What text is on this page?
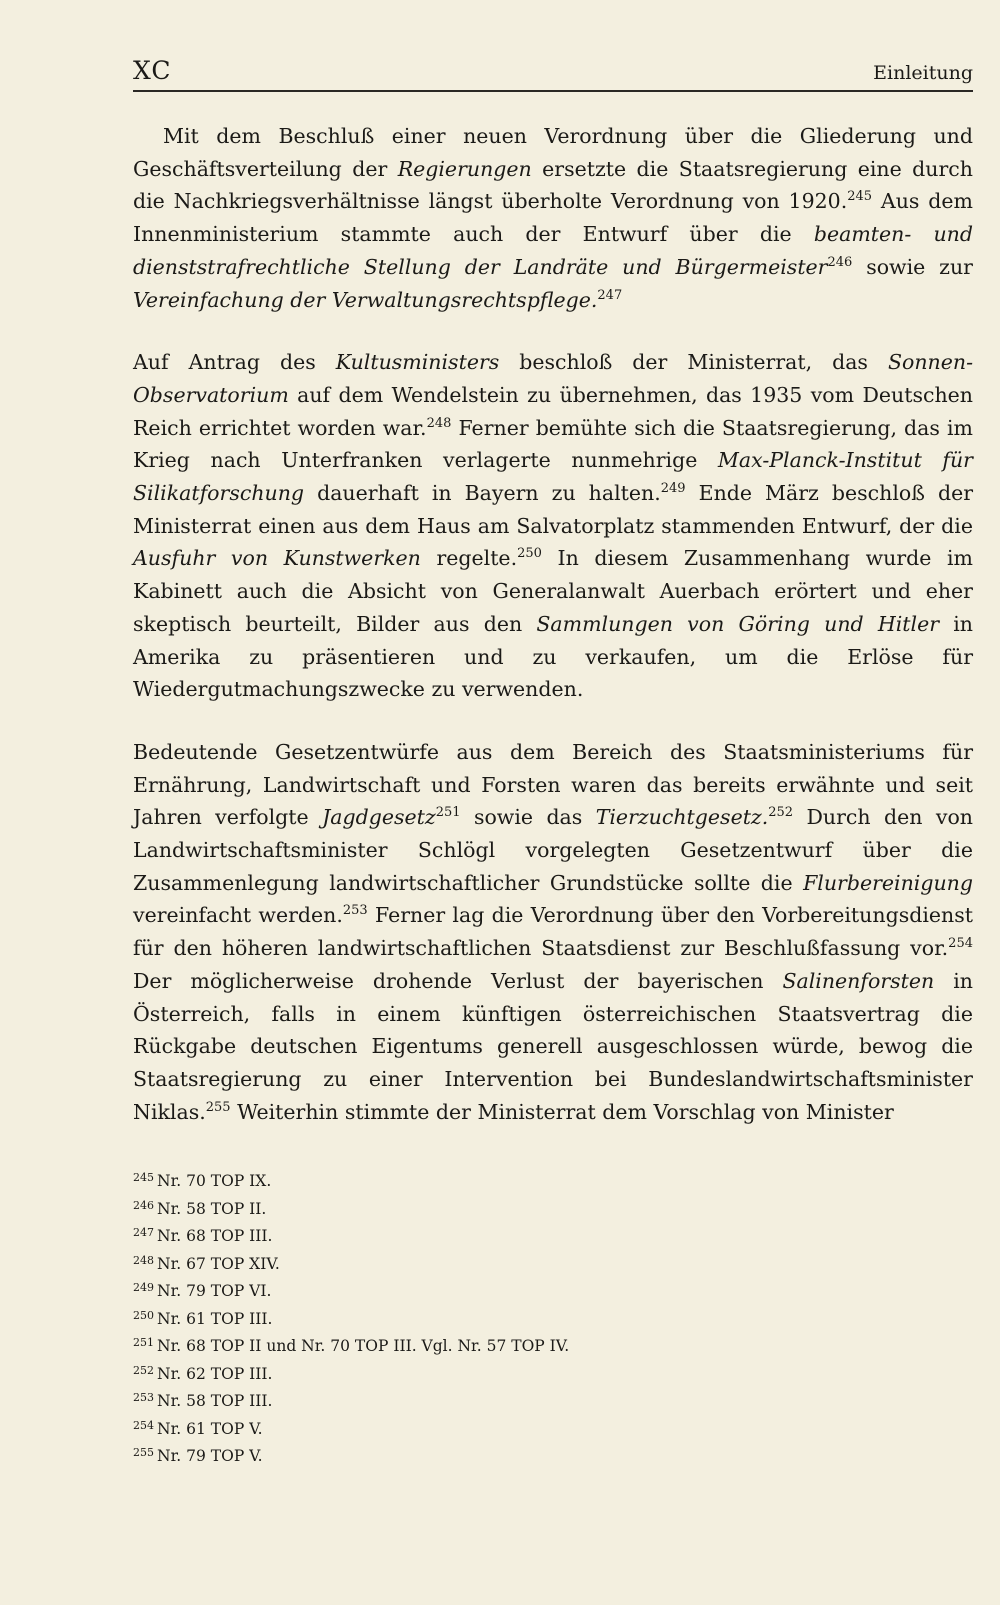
XC	Einleitung
Mit dem Beschluß einer neuen Verordnung über die Gliederung und Geschäftsverteilung der Regierungen ersetzte die Staatsregierung eine durch die Nachkriegsverhältnisse längst überholte Verordnung von 1920.$^{245}$ Aus dem Innenministerium stammte auch der Entwurf über die beamten- und dienststrafrechtliche Stellung der Landräte und Bürgermeister$^{246}$ sowie zur Vereinfachung der Verwaltungsrechtspflege.$^{247}$
Auf Antrag des Kultusministers beschloß der Ministerrat, das Sonnen-Observatorium auf dem Wendelstein zu übernehmen, das 1935 vom Deutschen Reich errichtet worden war.$^{248}$ Ferner bemühte sich die Staatsregierung, das im Krieg nach Unterfranken verlagerte nunmehrige Max-Planck-Institut für Silikatforschung dauerhaft in Bayern zu halten.$^{249}$ Ende März beschloß der Ministerrat einen aus dem Haus am Salvatorplatz stammenden Entwurf, der die Ausfuhr von Kunstwerken regelte.$^{250}$ In diesem Zusammenhang wurde im Kabinett auch die Absicht von Generalanwalt Auerbach erörtert und eher skeptisch beurteilt, Bilder aus den Sammlungen von Göring und Hitler in Amerika zu präsentieren und zu verkaufen, um die Erlöse für Wiedergutmachungszwecke zu verwenden.
Bedeutende Gesetzentwürfe aus dem Bereich des Staatsministeriums für Ernährung, Landwirtschaft und Forsten waren das bereits erwähnte und seit Jahren verfolgte Jagdgesetz$^{251}$ sowie das Tierzuchtgesetz.$^{252}$ Durch den von Landwirtschaftsminister Schlögl vorgelegten Gesetzentwurf über die Zusammenlegung landwirtschaftlicher Grundstücke sollte die Flurbereinigung vereinfacht werden.$^{253}$ Ferner lag die Verordnung über den Vorbereitungsdienst für den höheren landwirtschaftlichen Staatsdienst zur Beschlußfassung vor.$^{254}$ Der möglicherweise drohende Verlust der bayerischen Salinenforsten in Österreich, falls in einem künftigen österreichischen Staatsvertrag die Rückgabe deutschen Eigentums generell ausgeschlossen würde, bewog die Staatsregierung zu einer Intervention bei Bundeslandwirtschaftsminister Niklas.$^{255}$ Weiterhin stimmte der Ministerrat dem Vorschlag von Minister
$^{245}$ Nr. 70 TOP IX.
$^{246}$ Nr. 58 TOP II.
$^{247}$ Nr. 68 TOP III.
$^{248}$ Nr. 67 TOP XIV.
$^{249}$ Nr. 79 TOP VI.
$^{250}$ Nr. 61 TOP III.
$^{251}$ Nr. 68 TOP II und Nr. 70 TOP III. Vgl. Nr. 57 TOP IV.
$^{252}$ Nr. 62 TOP III.
$^{253}$ Nr. 58 TOP III.
$^{254}$ Nr. 61 TOP V.
$^{255}$ Nr. 79 TOP V.
